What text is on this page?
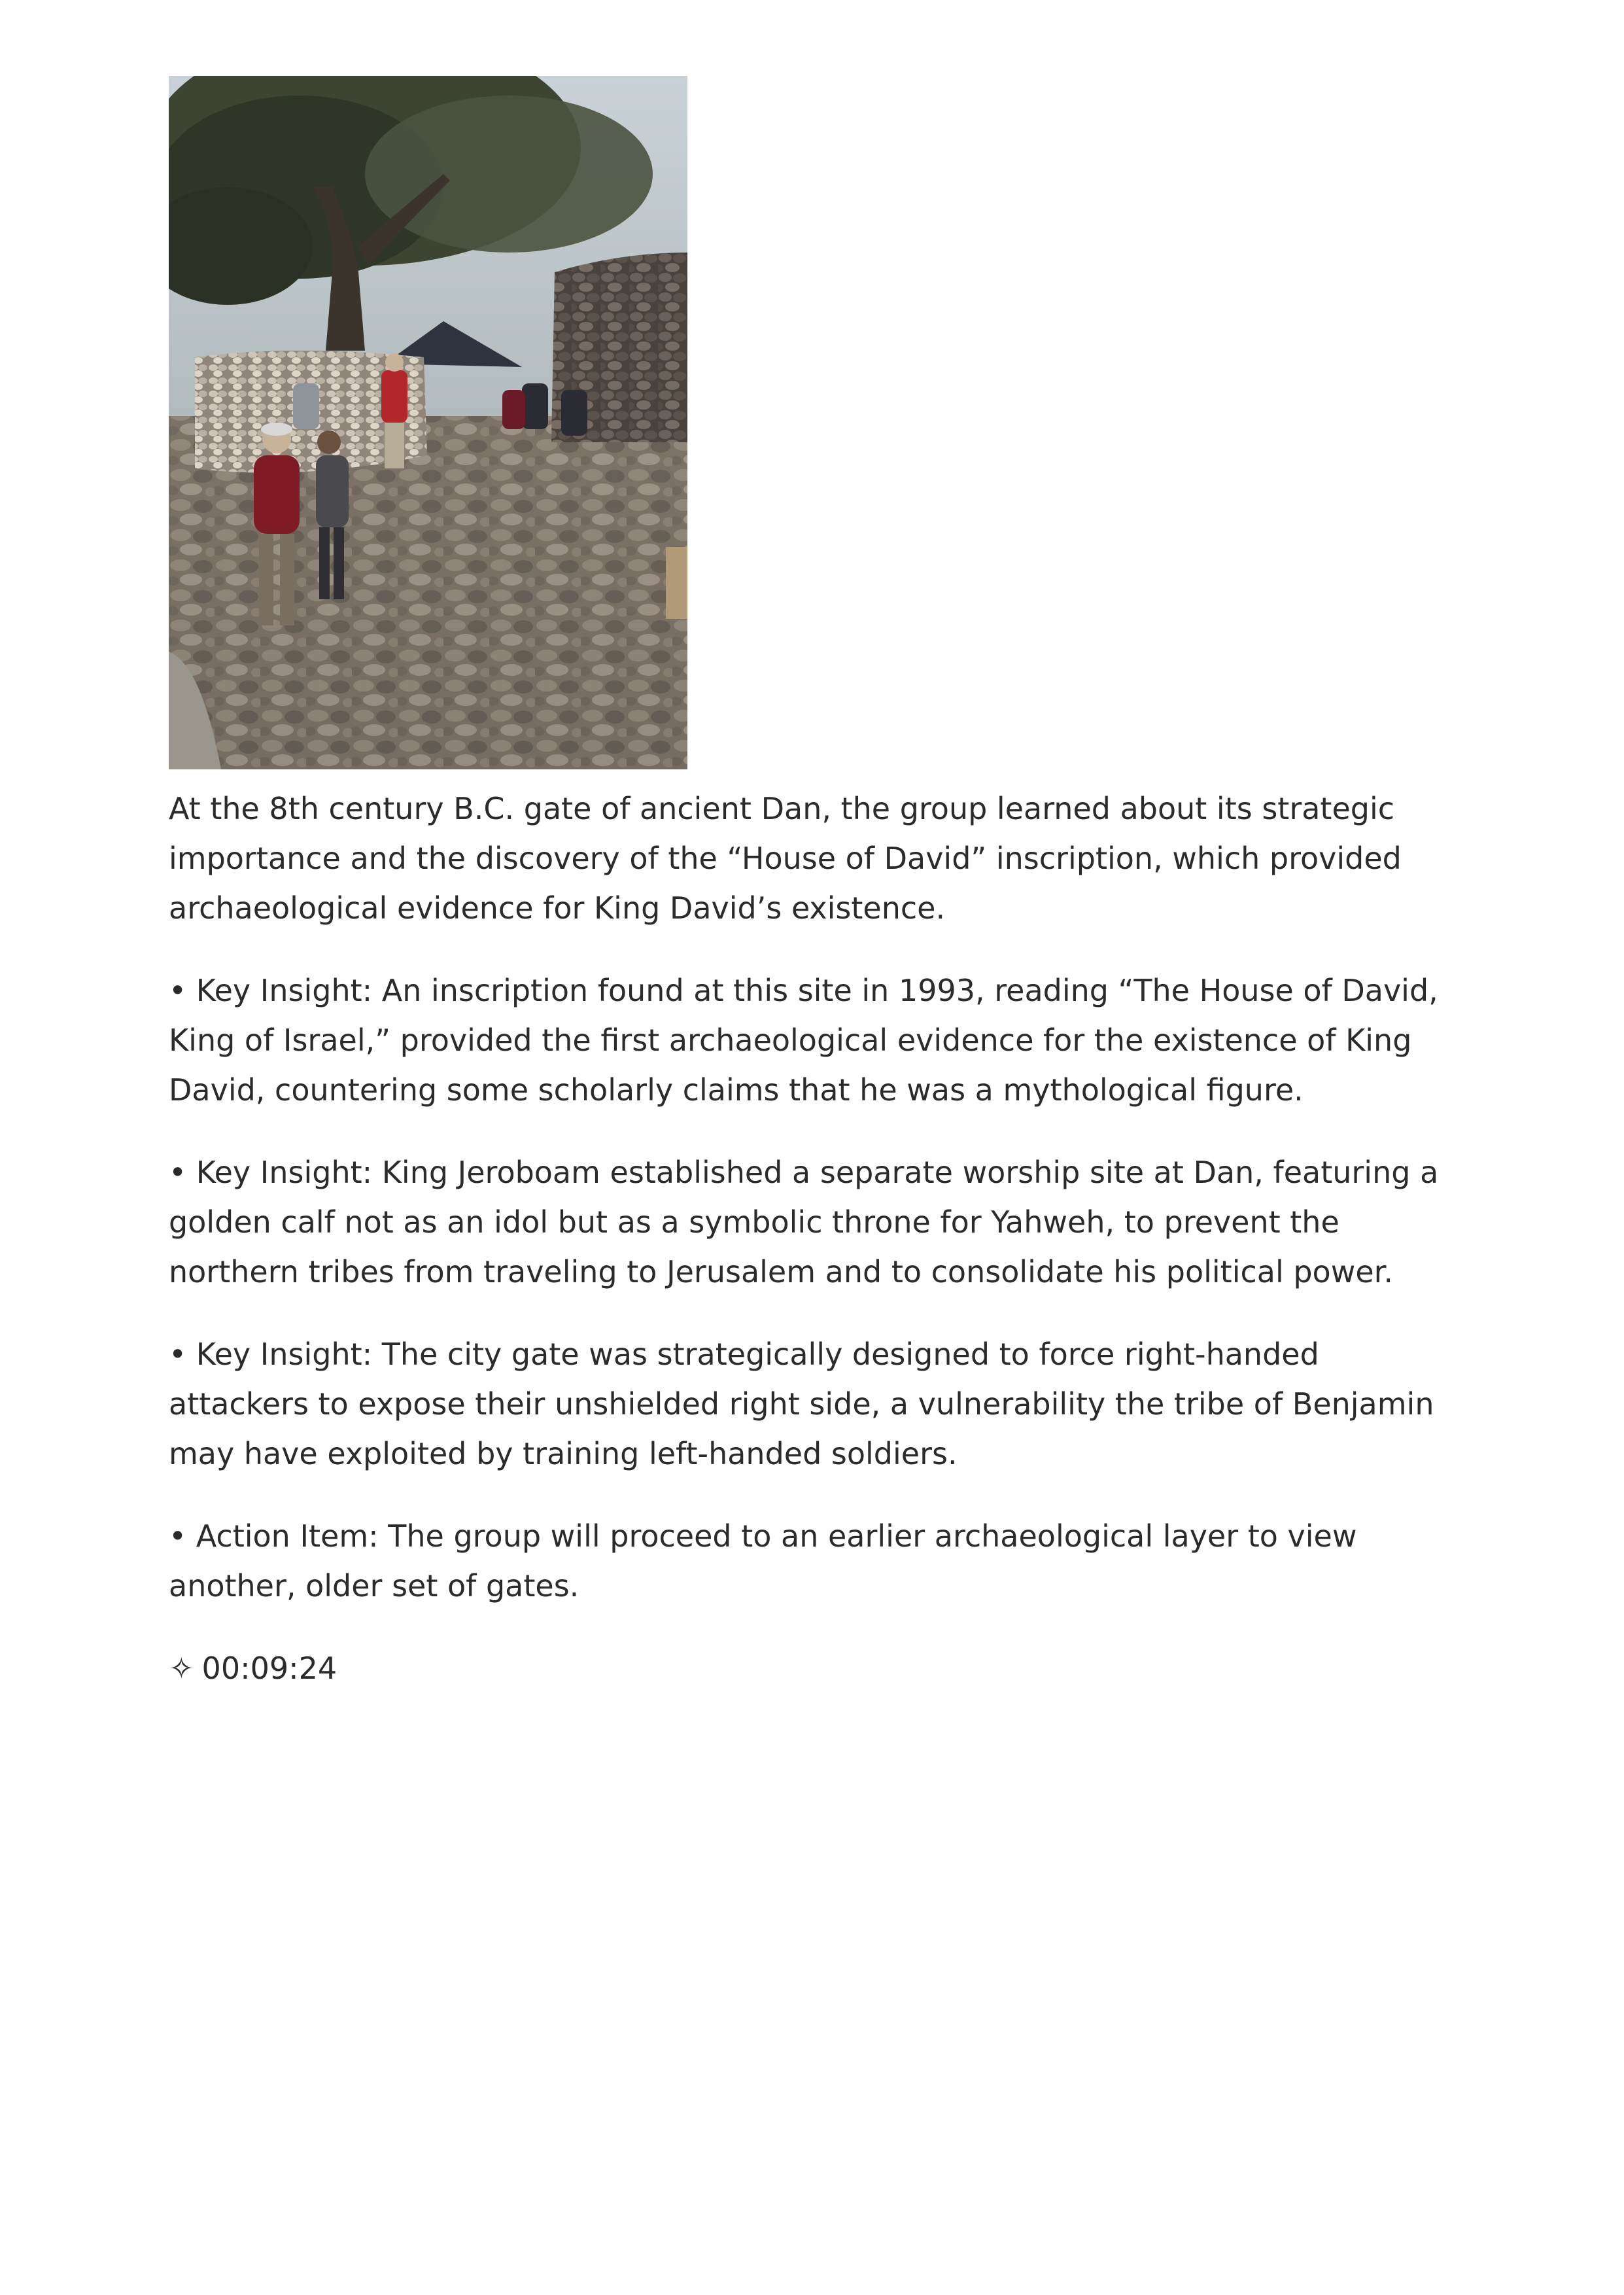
At the 8th century B.C. gate of ancient Dan, the group learned about its strategic importance and the discovery of the “House of David” inscription, which provided archaeological evidence for King David’s existence.

• Key Insight: An inscription found at this site in 1993, reading “The House of David, King of Israel,” provided the first archaeological evidence for the existence of King David, countering some scholarly claims that he was a mythological figure.

• Key Insight: King Jeroboam established a separate worship site at Dan, featuring a golden calf not as an idol but as a symbolic throne for Yahweh, to prevent the northern tribes from traveling to Jerusalem and to consolidate his political power.

• Key Insight: The city gate was strategically designed to force right-handed attackers to expose their unshielded right side, a vulnerability the tribe of Benjamin may have exploited by training left-handed soldiers.

• Action Item: The group will proceed to an earlier archaeological layer to view another, older set of gates.

✧ 00:09:24
